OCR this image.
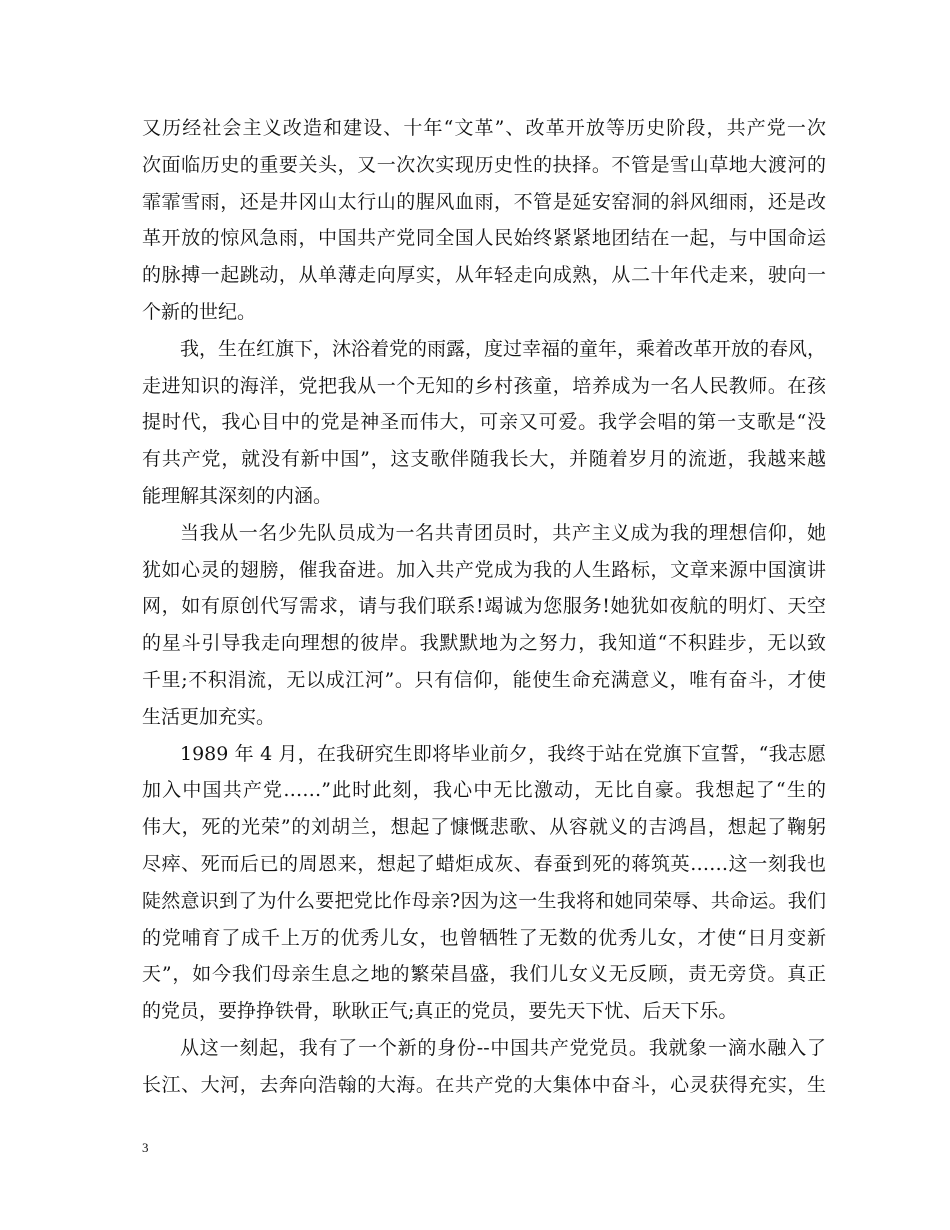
又历经社会主义改造和建设、十年“文革”、改革开放等历史阶段，共产党一次
次面临历史的重要关头，又一次次实现历史性的抉择。不管是雪山草地大渡河的
霏霏雪雨，还是井冈山太行山的腥风血雨，不管是延安窑洞的斜风细雨，还是改
革开放的惊风急雨，中国共产党同全国人民始终紧紧地团结在一起，与中国命运
的脉搏一起跳动，从单薄走向厚实，从年轻走向成熟，从二十年代走来，驶向一
个新的世纪。
我，生在红旗下，沐浴着党的雨露，度过幸福的童年，乘着改革开放的春风，
走进知识的海洋，党把我从一个无知的乡村孩童，培养成为一名人民教师。在孩
提时代，我心目中的党是神圣而伟大，可亲又可爱。我学会唱的第一支歌是“没
有共产党，就没有新中国”，这支歌伴随我长大，并随着岁月的流逝，我越来越
能理解其深刻的内涵。
当我从一名少先队员成为一名共青团员时，共产主义成为我的理想信仰，她
犹如心灵的翅膀，催我奋进。加入共产党成为我的人生路标，文章来源中国演讲
网，如有原创代写需求，请与我们联系!竭诚为您服务!她犹如夜航的明灯、天空
的星斗引导我走向理想的彼岸。我默默地为之努力，我知道“不积跬步，无以致
千里;不积涓流，无以成江河”。只有信仰，能使生命充满意义，唯有奋斗，才使
生活更加充实。
1989 年 4 月，在我研究生即将毕业前夕，我终于站在党旗下宣誓，“我志愿
加入中国共产党……”此时此刻，我心中无比激动，无比自豪。我想起了“生的
伟大，死的光荣”的刘胡兰，想起了慷慨悲歌、从容就义的吉鸿昌，想起了鞠躬
尽瘁、死而后已的周恩来，想起了蜡炬成灰、春蚕到死的蒋筑英……这一刻我也
陡然意识到了为什么要把党比作母亲?因为这一生我将和她同荣辱、共命运。我们
的党哺育了成千上万的优秀儿女，也曾牺牲了无数的优秀儿女，才使“日月变新
天”，如今我们母亲生息之地的繁荣昌盛，我们儿女义无反顾，责无旁贷。真正
的党员，要挣挣铁骨，耿耿正气;真正的党员，要先天下忧、后天下乐。
从这一刻起，我有了一个新的身份--中国共产党党员。我就象一滴水融入了
长江、大河，去奔向浩翰的大海。在共产党的大集体中奋斗，心灵获得充实，生
3
